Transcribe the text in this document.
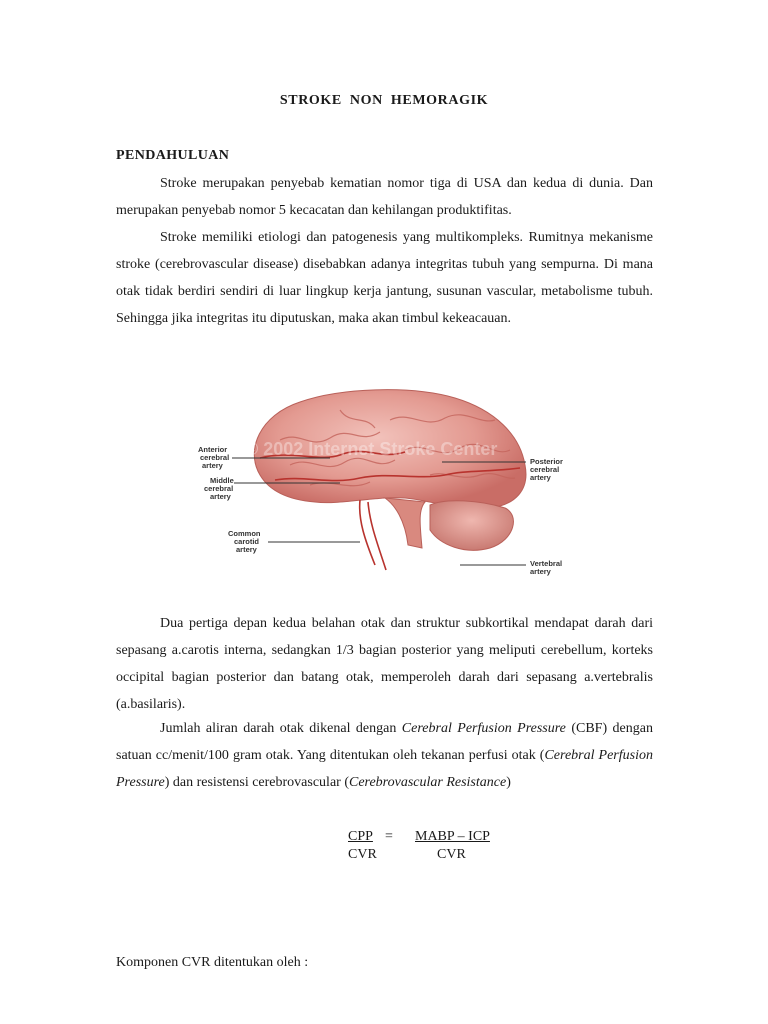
STROKE NON HEMORAGIK
PENDAHULUAN
Stroke merupakan penyebab kematian nomor tiga di USA dan kedua di dunia. Dan merupakan penyebab nomor 5 kecacatan dan kehilangan produktifitas.
Stroke memiliki etiologi dan patogenesis yang multikompleks. Rumitnya mekanisme stroke (cerebrovascular disease) disebabkan adanya integritas tubuh yang sempurna. Di mana otak tidak berdiri sendiri di luar lingkup kerja jantung, susunan vascular, metabolisme tubuh. Sehingga jika integritas itu diputuskan, maka akan timbul kekeacauan.
© 2002 Internet Stroke Center
Anterior
cerebral
artery
Middle
cerebral
artery
Common
carotid
artery
Posterior
cerebral
artery
Vertebral
artery
Dua pertiga depan kedua belahan otak dan struktur subkortikal mendapat darah dari sepasang a.carotis interna, sedangkan 1/3 bagian posterior yang meliputi cerebellum, korteks occipital bagian posterior dan batang otak, memperoleh darah dari sepasang a.vertebralis (a.basilaris).
Jumlah aliran darah otak dikenal dengan Cerebral Perfusion Pressure (CBF) dengan satuan cc/menit/100 gram otak. Yang ditentukan oleh tekanan perfusi otak (Cerebral Perfusion Pressure) dan resistensi cerebrovascular (Cerebrovascular Resistance)
CPP =	MABP – ICP
CVR	CVR
Komponen CVR ditentukan oleh :
